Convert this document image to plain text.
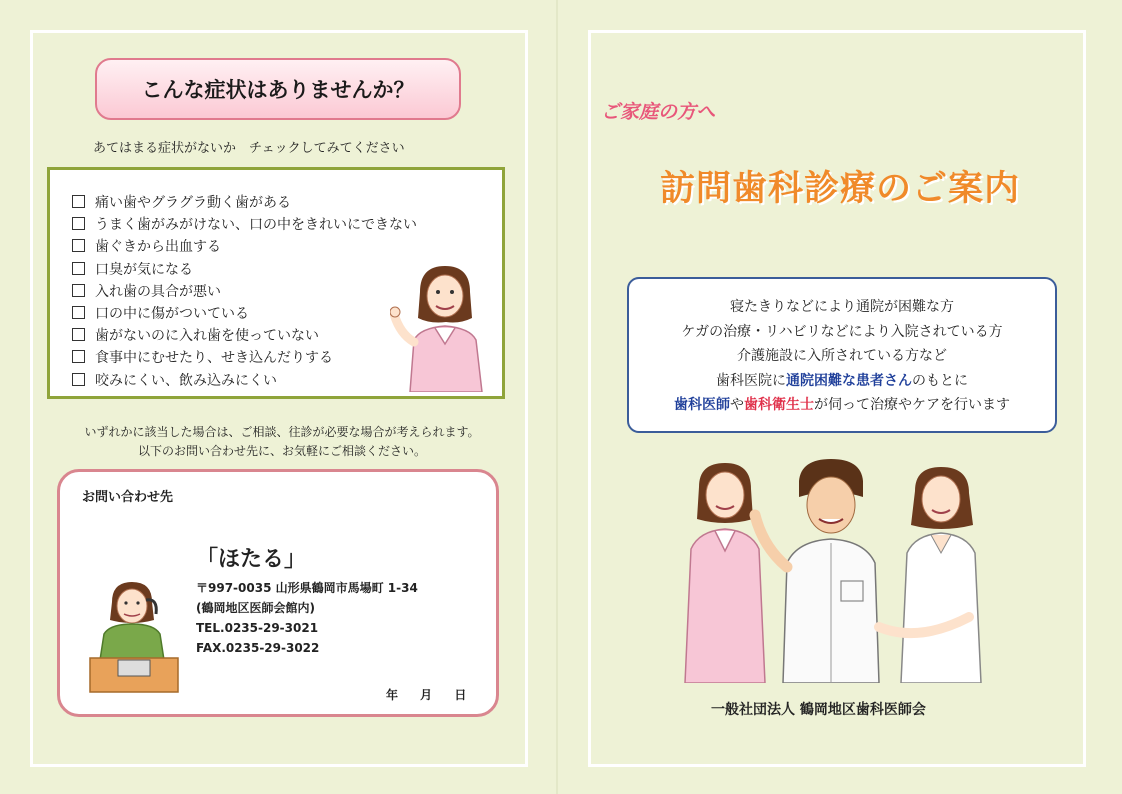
こんな症状はありませんか？
あてはまる症状がないか　チェックしてみてください
痛い歯やグラグラ動く歯がある
うまく歯がみがけない、口の中をきれいにできない
歯ぐきから出血する
口臭が気になる
入れ歯の具合が悪い
口の中に傷がついている
歯がないのに入れ歯を使っていない
食事中にむせたり、せき込んだりする
咬みにくい、飲み込みにくい
いずれかに該当した場合は、ご相談、往診が必要な場合が考えられます。
以下のお問い合わせ先に、お気軽にご相談ください。
お問い合わせ先
「ほたる」
〒997-0035 山形県鶴岡市馬場町 1-34
(鶴岡地区医師会館内)
TEL.0235-29-3021
FAX.0235-29-3022
年 月 日
ご家庭の方へ
訪問歯科診療のご案内
寝たきりなどにより通院が困難な方
ケガの治療・リハビリなどにより入院されている方
介護施設に入所されている方など
歯科医院に通院困難な患者さんのもとに
歯科医師や歯科衛生士が伺って治療やケアを行います
一般社団法人 鶴岡地区歯科医師会
